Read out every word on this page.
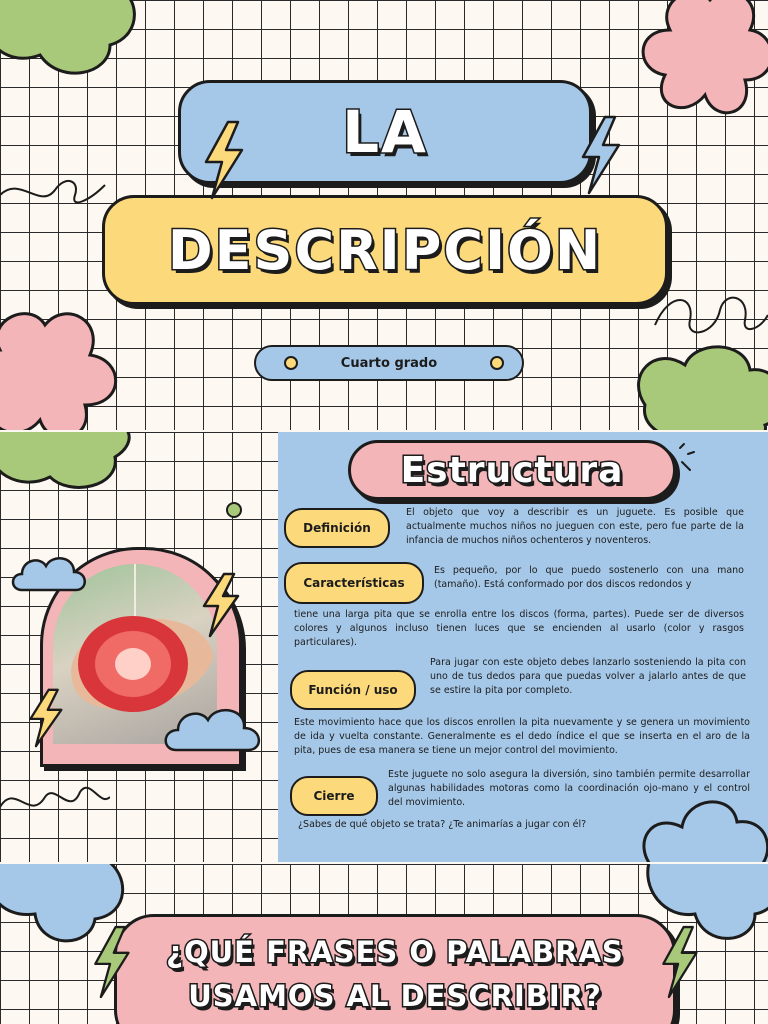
LA
DESCRIPCIÓN
Cuarto grado
Estructura
Definición

El objeto que voy a describir es un juguete. Es posible que actualmente muchos niños no jueguen con este, pero fue parte de la infancia de muchos niños ochenteros y noventeros.

Características

Es pequeño, por lo que puedo sostenerlo con una mano (tamaño). Está conformado por dos discos redondos y

tiene una larga pita que se enrolla entre los discos (forma, partes). Puede ser de diversos colores y algunos incluso tienen luces que se encienden al usarlo (color y rasgos particulares).

Función / uso

Para jugar con este objeto debes lanzarlo sosteniendo la pita con uno de tus dedos para que puedas volver a jalarlo antes de que se estire la pita por completo.

Este movimiento hace que los discos enrollen la pita nuevamente y se genera un movimiento de ida y vuelta constante. Generalmente es el dedo índice el que se inserta en el aro de la pita, pues de esa manera se tiene un mejor control del movimiento.

Cierre

Este juguete no solo asegura la diversión, sino también permite desarrollar algunas habilidades motoras como la coordinación ojo-mano y el control del movimiento.

¿Sabes de qué objeto se trata? ¿Te animarías a jugar con él?

¿QUÉ FRASES O PALABRAS
USAMOS AL DESCRIBIR?
